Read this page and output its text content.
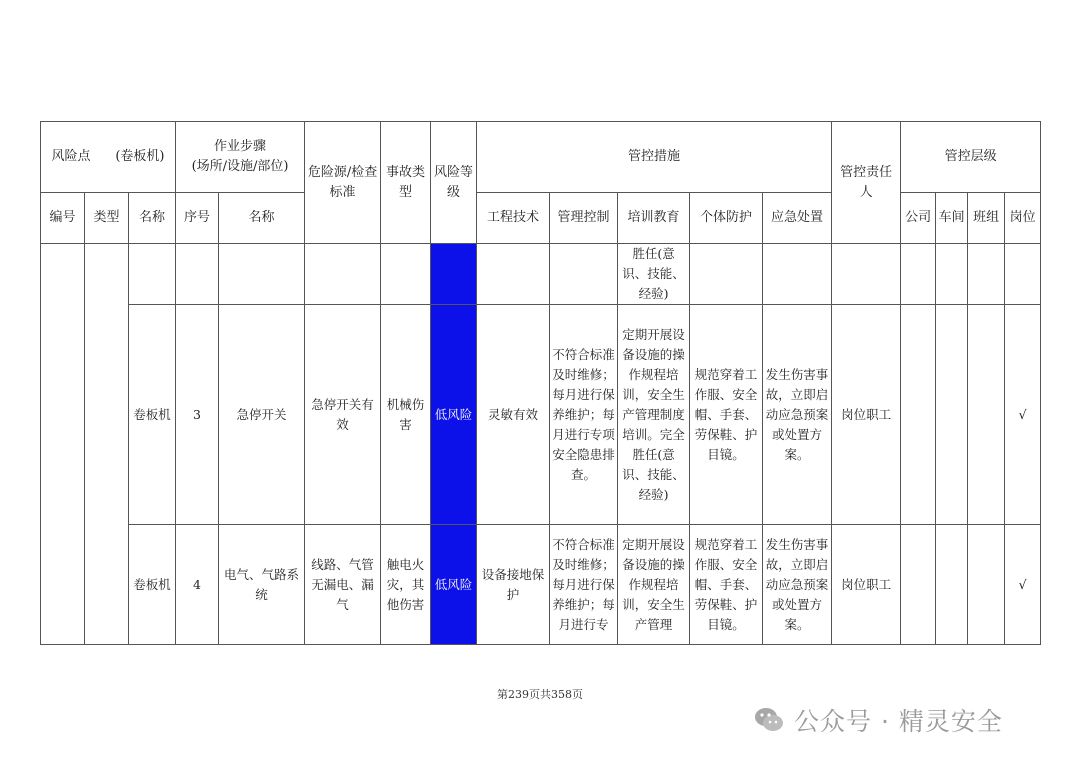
风险点 (卷板机)			作业步骤
(场所/设施/部位)		危险源/检查标准	事故类型	风险等级	管控措施					管控责任人	管控层级			
编号	类型	名称	序号	名称				工程技术	管理控制	培训教育	个体防护	应急处置		公司	车间	班组	岗位
										胜任(意识、技能、经验)							
		卷板机	3	急停开关	急停开关有效	机械伤害	低风险	灵敏有效	不符合标准及时维修；每月进行保养维护；每月进行专项安全隐患排查。	定期开展设备设施的操作规程培训，安全生产管理制度培训。完全胜任(意识、技能、经验)	规范穿着工作服、安全帽、手套、劳保鞋、护目镜。	发生伤害事故，立即启动应急预案或处置方案。	岗位职工				√
		卷板机	4	电气、气路系统	线路、气管无漏电、漏气	触电火灾，其他伤害	低风险	设备接地保护	不符合标准及时维修；每月进行保养维护；每月进行专	定期开展设备设施的操作规程培训，安全生产管理	规范穿着工作服、安全帽、手套、劳保鞋、护目镜。	发生伤害事故，立即启动应急预案或处置方案。	岗位职工				√
第239页共358页
公众号 · 精灵安全
